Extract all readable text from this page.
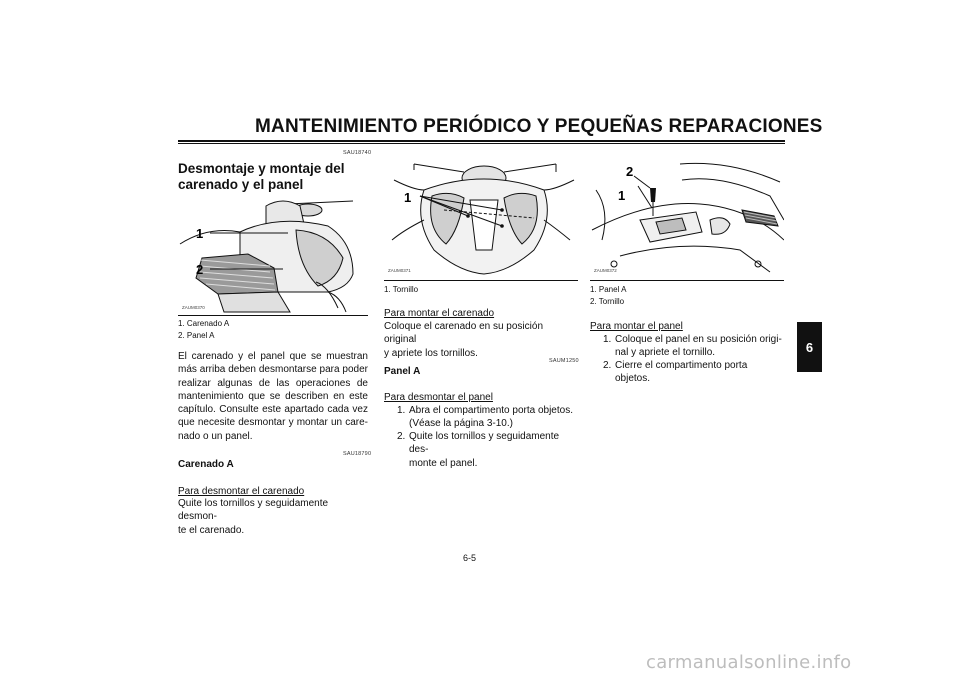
MANTENIMIENTO PERIÓDICO Y PEQUEÑAS REPARACIONES
6
SAU18740
Desmontaje y montaje del
carenado y el panel
1
2
ZAUM0370
1. Carenado A
2. Panel A
El carenado y el panel que se muestran
más arriba deben desmontarse para poder
realizar algunas de las operaciones de
mantenimiento que se describen en este
capítulo. Consulte este apartado cada vez
que necesite desmontar y montar un care-
nado o un panel.
SAU18790
Carenado A
Para desmontar el carenado
Quite los tornillos y seguidamente desmon-
te el carenado.
1
ZAUM0371
1. Tornillo
Para montar el carenado
Coloque el carenado en su posición original
y apriete los tornillos.
SAUM1250
Panel A
Para desmontar el panel
1. Abra el compartimento porta objetos.
(Véase la página 3-10.)
2. Quite los tornillos y seguidamente des-
monte el panel.
2
1
ZAUM0372
1. Panel A
2. Tornillo
Para montar el panel
1. Coloque el panel en su posición origi-
nal y apriete el tornillo.
2. Cierre el compartimento porta objetos.
6-5
carmanualsonline.info
